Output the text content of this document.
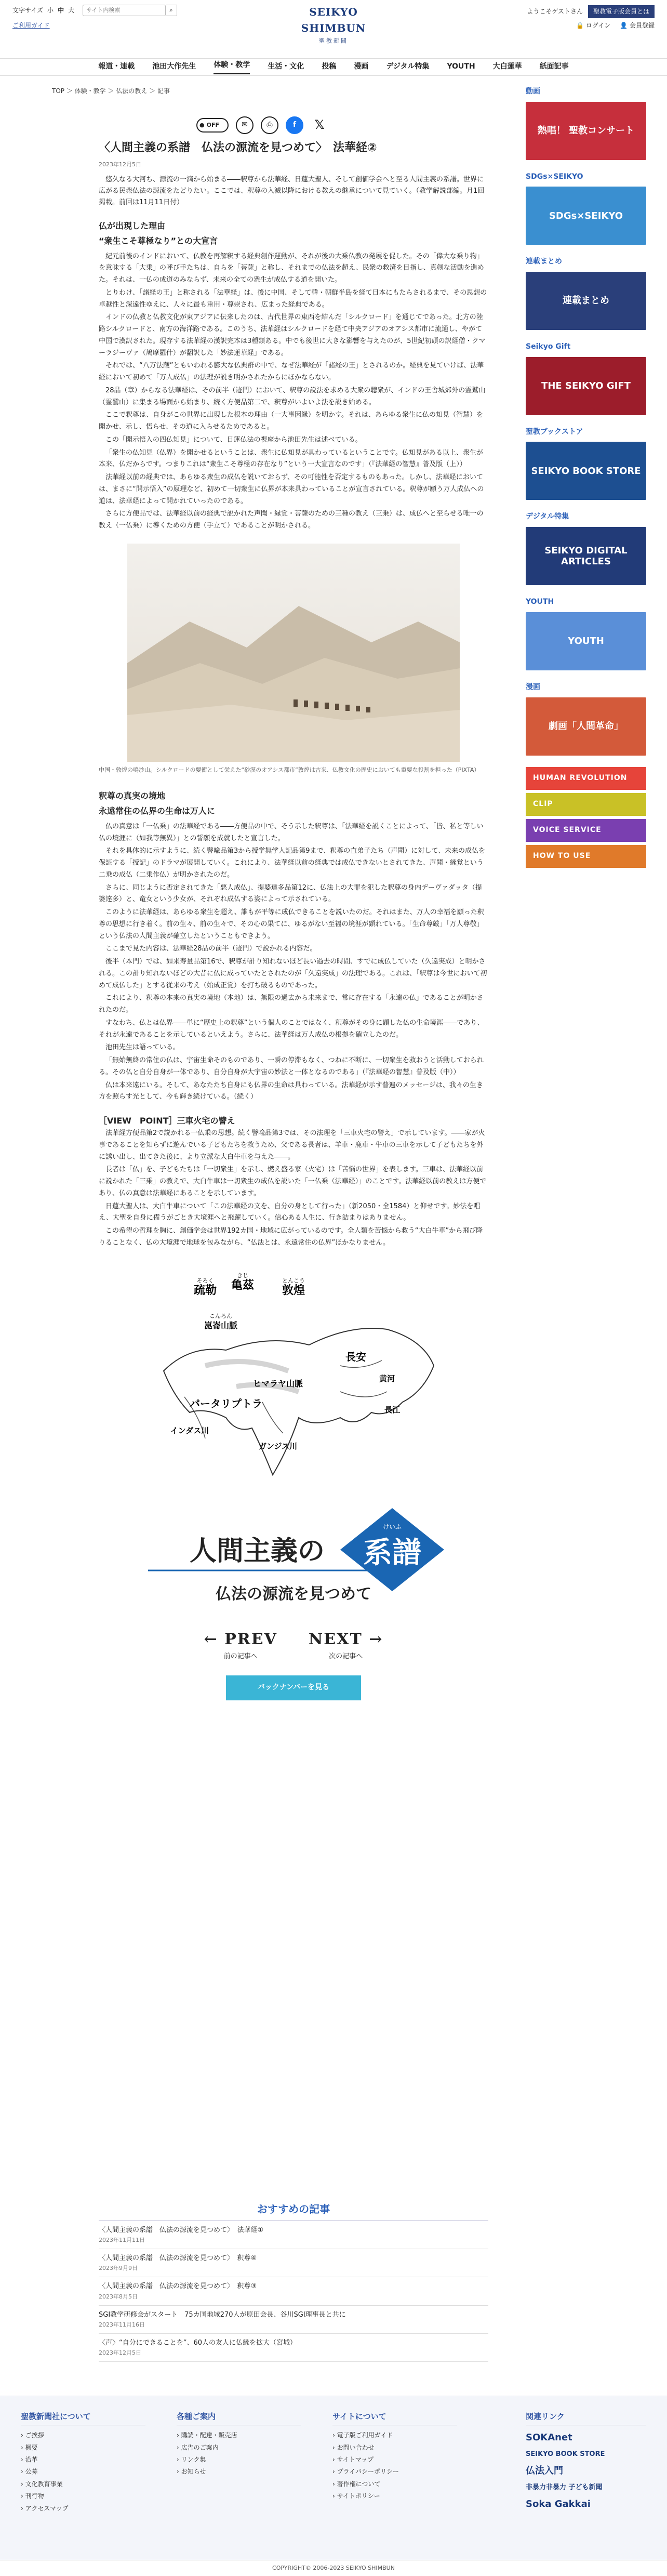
文字サイズ 小 中 大
サイト内検索	⌕
ご利用ガイド
SEIKYO SHIMBUN
聖教新聞
ようこそゲストさん	聖教電子版会員とは
🔒 ログイン 👤 会員登録
報道・連載 池田大作先生 体験・教学 生活・文化 投稿 漫画 デジタル特集 YOUTH 大白蓮華 紙面記事
TOP ＞ 体験・教学 ＞ 仏法の教え ＞ 記事
● OFF	✉	⎙	f	𝕏
〈人間主義の系譜　仏法の源流を見つめて〉　法華経②
2023年12月5日

悠久なる大河ち、源流の一滴から始まる――釈尊から法華経、日蓮大聖人、そして創価学会へと至る人間主義の系譜。世界に広がる民衆仏法の源流をたどりたい。ここでは、釈尊の入滅以降における教えの継承について見ていく。（教学解説部編。月1回掲載。前回は11月11日付）

仏が出現した理由
“衆生こそ尊極なり”との大宣言

紀元前後のインドにおいて、仏教を再解釈する経典創作運動が、それが後の大乗仏教の発展を促した。その「偉大な乗り物」を意味する「大乗」の呼び手たちは、自らを「菩薩」と称し、それまでの仏法を超え、民衆の救済を目指し、真剣な活動を進めた。それは、一仏の成道のみならず、未来の全ての衆生が成仏する道を開いた。

とりわけ、「諸経の王」と称される「法華経」は、後に中国、そして韓・朝鮮半島を経て日本にもたらされるまで、その思想の卓越性と深遠性ゆえに、人々に最も重用・尊崇され、広まった経典である。

インドの仏教と仏教文化が東アジアに伝来したのは、古代世界の東西を結んだ「シルクロード」を通じてであった。北方の陸路シルクロードと、南方の海洋路である。このうち、法華経はシルクロードを経て中央アジアのオアシス都市に流通し、やがて中国で漢訳された。現存する法華経の漢訳完本は3種類ある。中でも後世に大きな影響を与えたのが、5世紀初頭の訳経僧・クマーラジーヴァ（鳩摩羅什）が翻訳した「妙法蓮華経」である。

それでは、“八万法蔵”ともいわれる膨大な仏典群の中で、なぜ法華経が「諸経の王」とされるのか。経典を見ていけば、法華経において初めて「万人成仏」の法理が説き明かされたからにほかならない。

28品（章）からなる法華経は、その前半（迹門）において、釈尊の説法を求める大衆の聴衆が、インドの王舎城郊外の霊鷲山（霊鷲山）に集まる場面から始まり、続く方便品第二で、釈尊がいよいよ法を説き始める。

ここで釈尊は、自身がこの世界に出現した根本の理由（一大事因縁）を明かす。それは、あらゆる衆生に仏の知見（智慧）を開かせ、示し、悟らせ、その道に入らせるためであると。

この「開示悟入の四仏知見」について、日蓮仏法の視座から池田先生は述べている。

「衆生の仏知見（仏界）を開かせるということは、衆生に仏知見が具わっているということです。仏知見がある以上、衆生が本来、仏だからです。つまりこれは“衆生こそ尊極の存在なり”という一大宣言なのです」（『法華経の智慧』普及版（上））

法華経以前の経典では、あらゆる衆生の成仏を説いておらず、その可能性を否定するものもあった。しかし、法華経においては、まさに“開示悟入”の原理など、初めて一切衆生に仏界が本来具わっていることが宣言されている。釈尊が願う万人成仏への道は、法華経によって開かれていったのである。

さらに方便品では、法華経以前の経典で説かれた声聞・縁覚・菩薩のための三種の教え（三乗）は、成仏へと至らせる唯一の教え（一仏乗）に導くための方便（手立て）であることが明かされる。

中国・敦煌の鳴沙山。シルクロードの要衝として栄えた“砂漠のオアシス都市”敦煌は古来、仏教文化の歴史においても重要な役割を担った（PIXTA）
釈尊の真実の境地
永遠常住の仏界の生命は万人に

仏の真意は「一仏乗」の法華経である――方便品の中で、そう示した釈尊は、「法華経を説くことによって、「皆、私と等しい仏の境涯に（如我等無異）」との誓願を成就したと宣言した。

それを具体的に示すように、続く譬喩品第3から授学無学人記品第9まで、釈尊の直弟子たち（声聞）に対して、未来の成仏を保証する「授記」のドラマが展開していく。これにより、法華経以前の経典では成仏できないとされてきた、声聞・縁覚という二乗の成仏（二乗作仏）が明かされたのだ。

さらに、同じように否定されてきた「悪人成仏」、提婆達多品第12に、仏法上の大罪を犯した釈尊の身内デーヴァダッタ（提婆達多）と、竜女という少女が、それぞれ成仏する姿によって示されている。

このように法華経は、あらゆる衆生を超え、誰もが平等に成仏できることを説いたのだ。それはまた、万人の幸福を願った釈尊の思想に行き着く。前の生々、前の生々で、その心の果てに、ゆるがない至福の境涯が顕れている。「生命尊厳」「万人尊敬」という仏法の人間主義が確立したということもできよう。

ここまで見た内容は、法華経28品の前半（迹門）で説かれる内容だ。

後半（本門）では、如来寿量品第16で、釈尊が計り知れないほど長い過去の時間、すでに成仏していた（久遠実成）と明かされる。この計り知れないほどの大昔に仏に成っていたとされたのが「久遠実成」の法理である。これは、「釈尊は今世において初めて成仏した」とする従来の考え（始成正覚）を打ち破るものであった。

これにより、釈尊の本来の真実の境地（本地）は、無限の過去から未来まで、常に存在する「永遠の仏」であることが明かされたのだ。

すなわち、仏とは仏界――単に“歴史上の釈尊”という個人のことではなく、釈尊がその身に顕した仏の生命境涯――であり、それが永遠であることを示しているといえよう。さらに、法華経は万人成仏の根拠を確立したのだ。

池田先生は語っている。

「無始無終の常住の仏は、宇宙生命そのものであり、一瞬の停滞もなく、つねに不断に、一切衆生を救おうと活動しておられる。その仏と自分自身が一体であり、自分自身が大宇宙の妙法と一体となるのである」（『法華経の智慧』普及版（中））

仏は本来遠にいる。そして、あなたたち自身にも仏界の生命は具わっている。法華経が示す普遍のメッセージは、我々の生き方を照らす光として、今も輝き続けている。（続く）

［VIEW　POINT］三車火宅の譬え

法華経方便品第2で説かれる一仏乗の思想。続く譬喩品第3では、その法理を「三車火宅の譬え」で示しています。――家が火事であることを知らずに遊んでいる子どもたちを救うため、父である長者は、羊車・鹿車・牛車の三車を示して子どもたちを外に誘い出し、出てきた後に、より立派な大白牛車を与えた――。

長者は「仏」を、子どもたちは「一切衆生」を示し、燃え盛る家（火宅）は「苦悩の世界」を表します。三車は、法華経以前に説かれた「三乗」の教えで、大白牛車は一切衆生の成仏を説いた「一仏乗（法華経）」のことです。法華経以前の教えは方便であり、仏の真意は法華経にあることを示しています。

日蓮大聖人は、大白牛車について「この法華経の文を、自分の身として行った」（新2050・全1584）と仰せです。妙法を唱え、大聖を自身に備うがごとき大境涯へと飛躍していく。信心ある人生に、行き詰まりはありません。

この希望の哲理を胸に、創価学会は世界192カ国・地域に広がっているのです。全人類を苦悩から救う“大白牛車”から飛び降りることなく、仏の大境涯で地球を包みながら、“仏法とは、永遠常住の仏界”ほかなりません。

そろく
疏勒
きじ
亀茲	とんこう
敦煌
こんろん
崑崙山脈
長安
黄河
ヒマラヤ山脈
パータリプトラ
インダス川
ガンジス川
長江
人間主義の
けいふ
系譜
仏法の源流を見つめて
← PREV
前の記事へ
NEXT →
次の記事へ
バックナンバーを見る
おすすめの記事
〈人間主義の系譜　仏法の源流を見つめて〉　法華経①
2023年11月11日
〈人間主義の系譜　仏法の源流を見つめて〉　釈尊④
2023年9月9日
〈人間主義の系譜　仏法の源流を見つめて〉　釈尊③
2023年8月5日
SGI教学研修会がスタート　75カ国地域270人が原田会長、谷川SGI理事長と共に
2023年11月16日
〈声〉“自分にできることを”、60人の友人に仏縁を拡大（宮城）
2023年12月5日
動画
熱唱！ 聖教コンサート
SDGs×SEIKYO
SDGs×SEIKYO
連載まとめ
連載まとめ
Seikyo Gift
THE SEIKYO GIFT
聖教ブックストア
SEIKYO BOOK STORE
デジタル特集
SEIKYO DIGITAL ARTICLES
YOUTH
YOUTH
漫画
劇画「人間革命」
HUMAN REVOLUTION
CLIP
VOICE SERVICE
HOW TO USE
聖教新聞社について
› ご挨拶
› 概要
› 沿革
› 公募
› 文化教育事業
› 刊行物
› アクセスマップ
各種ご案内
› 購読・配達・販売店
› 広告のご案内
› リンク集
› お知らせ
サイトについて
› 電子版ご利用ガイド
› お問い合わせ
› サイトマップ
› プライバシーポリシー
› 著作権について
› サイトポリシー
関連リンク
SOKAnet
SEIKYO BOOK STORE
仏法入門
非暴力非暴力 子ども新聞
Soka Gakkai
COPYRIGHT© 2006-2023 SEIKYO SHIMBUN
